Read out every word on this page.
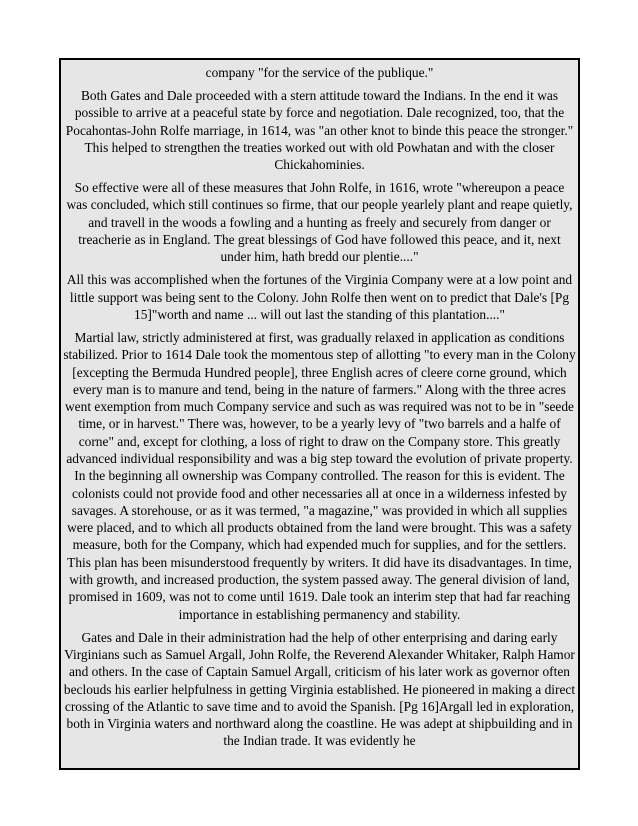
company "for the service of the publique."

Both Gates and Dale proceeded with a stern attitude toward the Indians. In the end it was possible to arrive at a peaceful state by force and negotiation. Dale recognized, too, that the Pocahontas-John Rolfe marriage, in 1614, was "an other knot to binde this peace the stronger." This helped to strengthen the treaties worked out with old Powhatan and with the closer Chickahominies.

So effective were all of these measures that John Rolfe, in 1616, wrote "whereupon a peace was concluded, which still continues so firme, that our people yearlely plant and reape quietly, and travell in the woods a fowling and a hunting as freely and securely from danger or treacherie as in England. The great blessings of God have followed this peace, and it, next under him, hath bredd our plentie...."

All this was accomplished when the fortunes of the Virginia Company were at a low point and little support was being sent to the Colony. John Rolfe then went on to predict that Dale's [Pg 15]"worth and name ... will out last the standing of this plantation...."

Martial law, strictly administered at first, was gradually relaxed in application as conditions stabilized. Prior to 1614 Dale took the momentous step of allotting "to every man in the Colony [excepting the Bermuda Hundred people], three English acres of cleere corne ground, which every man is to manure and tend, being in the nature of farmers." Along with the three acres went exemption from much Company service and such as was required was not to be in "seede time, or in harvest." There was, however, to be a yearly levy of "two barrels and a halfe of corne" and, except for clothing, a loss of right to draw on the Company store. This greatly advanced individual responsibility and was a big step toward the evolution of private property. In the beginning all ownership was Company controlled. The reason for this is evident. The colonists could not provide food and other necessaries all at once in a wilderness infested by savages. A storehouse, or as it was termed, "a magazine," was provided in which all supplies were placed, and to which all products obtained from the land were brought. This was a safety measure, both for the Company, which had expended much for supplies, and for the settlers. This plan has been misunderstood frequently by writers. It did have its disadvantages. In time, with growth, and increased production, the system passed away. The general division of land, promised in 1609, was not to come until 1619. Dale took an interim step that had far reaching importance in establishing permanency and stability.

Gates and Dale in their administration had the help of other enterprising and daring early Virginians such as Samuel Argall, John Rolfe, the Reverend Alexander Whitaker, Ralph Hamor and others. In the case of Captain Samuel Argall, criticism of his later work as governor often beclouds his earlier helpfulness in getting Virginia established. He pioneered in making a direct crossing of the Atlantic to save time and to avoid the Spanish. [Pg 16]Argall led in exploration, both in Virginia waters and northward along the coastline. He was adept at shipbuilding and in the Indian trade. It was evidently he
